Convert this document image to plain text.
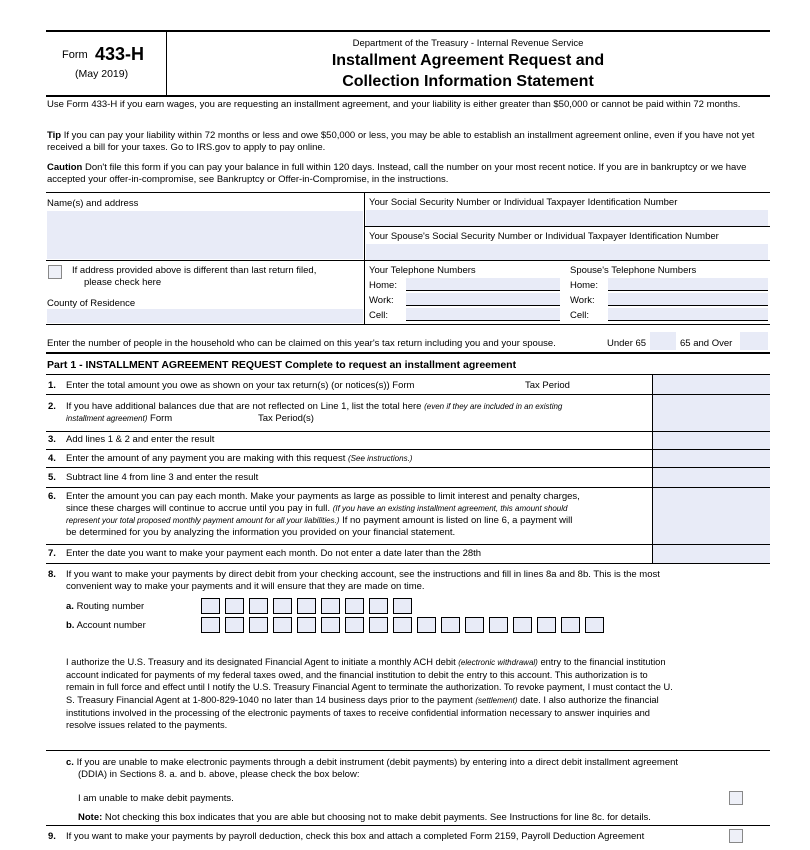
Form 433-H
(May 2019)
Department of the Treasury - Internal Revenue Service
Installment Agreement Request and
Collection Information Statement
Use Form 433-H if you earn wages, you are requesting an installment agreement, and your liability is either greater than $50,000 or cannot be paid within 72 months.
Tip If you can pay your liability within 72 months or less and owe $50,000 or less, you may be able to establish an installment agreement online, even if you have not yet received a bill for your taxes. Go to IRS.gov to apply to pay online.
Caution Don't file this form if you can pay your balance in full within 120 days. Instead, call the number on your most recent notice. If you are in bankruptcy or we have accepted your offer-in-compromise, see Bankruptcy or Offer-in-Compromise, in the instructions.
Name(s) and address	Your Social Security Number or Individual Taxpayer Identification Number
Your Spouse's Social Security Number or Individual Taxpayer Identification Number
If address provided above is different than last return filed,
please check here
County of Residence
Your Telephone Numbers
Home:
Work:
Cell:
Spouse's Telephone Numbers
Home:
Work:
Cell:
Enter the number of people in the household who can be claimed on this year's tax return including you and your spouse.	Under 65	65 and Over
Part 1 - INSTALLMENT AGREEMENT REQUEST Complete to request an installment agreement
1. Enter the total amount you owe as shown on your tax return(s) (or notices(s)) Form	Tax Period
2. If you have additional balances due that are not reflected on Line 1, list the total here (even if they are included in an existing
installment agreement) Form	Tax Period(s)
3. Add lines 1 & 2 and enter the result
4. Enter the amount of any payment you are making with this request (See instructions.)
5. Subtract line 4 from line 3 and enter the result
6. Enter the amount you can pay each month. Make your payments as large as possible to limit interest and penalty charges,
since these charges will continue to accrue until you pay in full. (If you have an existing installment agreement, this amount should
represent your total proposed monthly payment amount for all your liabilities.) If no payment amount is listed on line 6, a payment will
be determined for you by analyzing the information you provided on your financial statement.
7. Enter the date you want to make your payment each month. Do not enter a date later than the 28th
8. If you want to make your payments by direct debit from your checking account, see the instructions and fill in lines 8a and 8b. This is the most
convenient way to make your payments and it will ensure that they are made on time.
a. Routing number
b. Account number
I authorize the U.S. Treasury and its designated Financial Agent to initiate a monthly ACH debit (electronic withdrawal) entry to the financial institution
account indicated for payments of my federal taxes owed, and the financial institution to debit the entry to this account. This authorization is to
remain in full force and effect until I notify the U.S. Treasury Financial Agent to terminate the authorization. To revoke payment, I must contact the U.
S. Treasury Financial Agent at 1-800-829-1040 no later than 14 business days prior to the payment (settlement) date. I also authorize the financial
institutions involved in the processing of the electronic payments of taxes to receive confidential information necessary to answer inquiries and
resolve issues related to the payments.
c. If you are unable to make electronic payments through a debit instrument (debit payments) by entering into a direct debit installment agreement
(DDIA) in Sections 8. a. and b. above, please check the box below:
I am unable to make debit payments.
Note: Not checking this box indicates that you are able but choosing not to make debit payments. See Instructions for line 8c. for details.
9. If you want to make your payments by payroll deduction, check this box and attach a completed Form 2159, Payroll Deduction Agreement
